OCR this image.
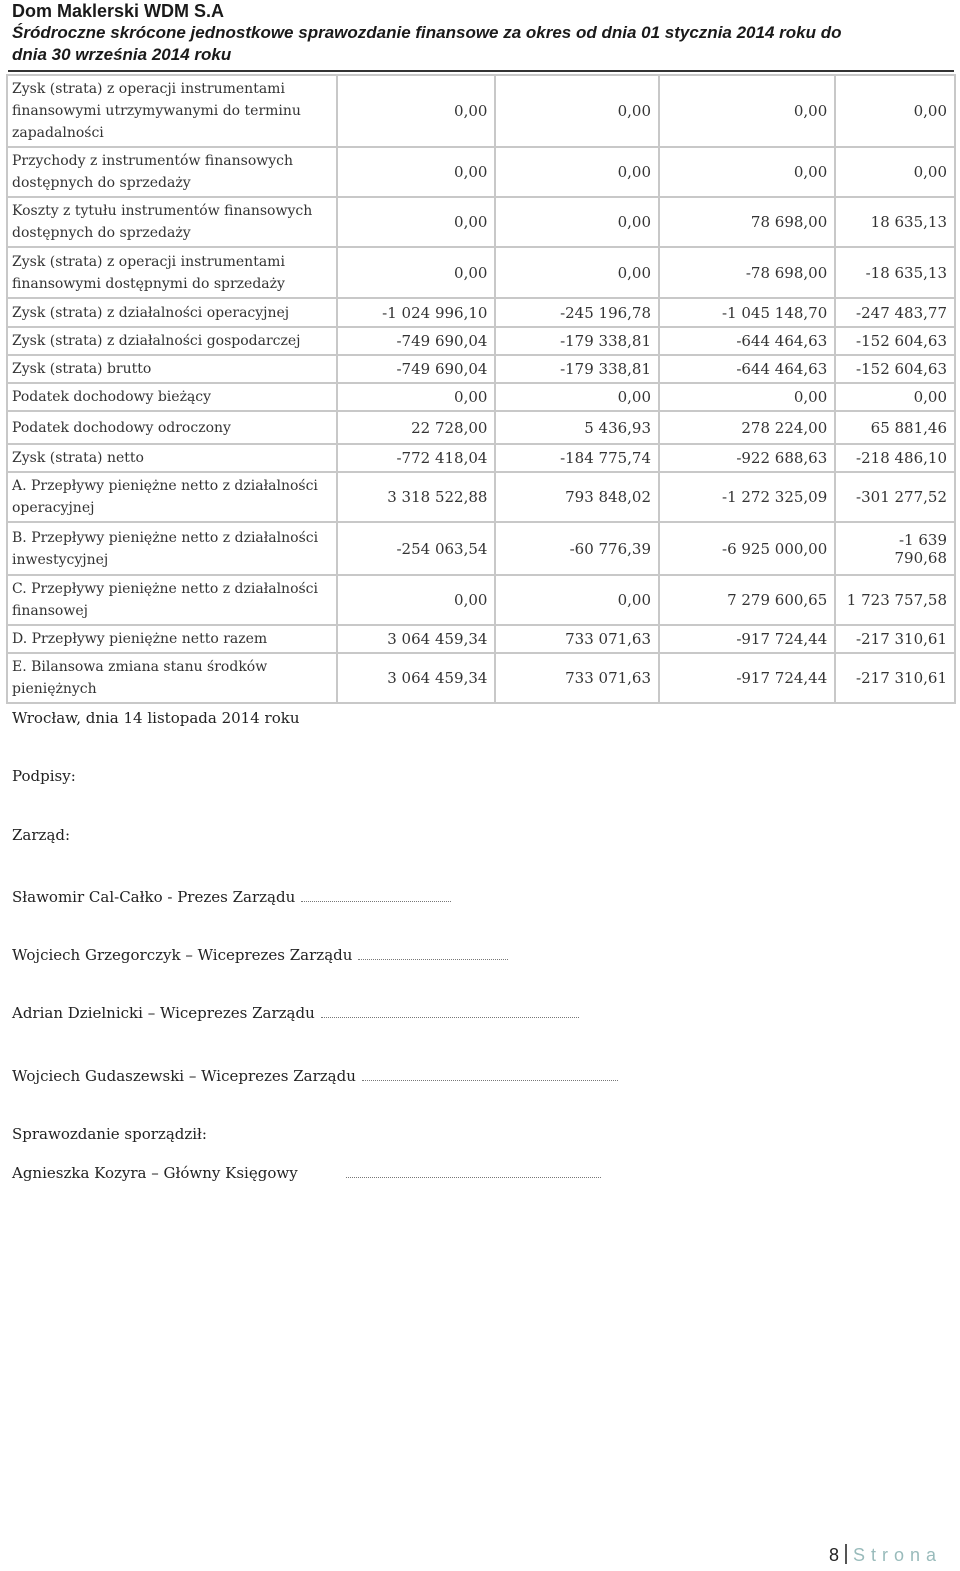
Dom Maklerski WDM S.A
Śródroczne skrócone jednostkowe sprawozdanie finansowe za okres od dnia 01 stycznia 2014 roku do
dnia 30 września 2014 roku
Zysk (strata) z operacji instrumentami finansowymi utrzymywanymi do terminu zapadalności	0,00	0,00	0,00	0,00
Przychody z instrumentów finansowych dostępnych do sprzedaży	0,00	0,00	0,00	0,00
Koszty z tytułu instrumentów finansowych dostępnych do sprzedaży	0,00	0,00	78 698,00	18 635,13
Zysk (strata) z operacji instrumentami finansowymi dostępnymi do sprzedaży	0,00	0,00	-78 698,00	-18 635,13
Zysk (strata) z działalności operacyjnej	-1 024 996,10	-245 196,78	-1 045 148,70	-247 483,77
Zysk (strata) z działalności gospodarczej	-749 690,04	-179 338,81	-644 464,63	-152 604,63
Zysk (strata) brutto	-749 690,04	-179 338,81	-644 464,63	-152 604,63
Podatek dochodowy bieżący	0,00	0,00	0,00	0,00
Podatek dochodowy odroczony	22 728,00	5 436,93	278 224,00	65 881,46
Zysk (strata) netto	-772 418,04	-184 775,74	-922 688,63	-218 486,10
A. Przepływy pieniężne netto z działalności operacyjnej	3 318 522,88	793 848,02	-1 272 325,09	-301 277,52
B. Przepływy pieniężne netto z działalności inwestycyjnej	-254 063,54	-60 776,39	-6 925 000,00	-1 639 790,68
C. Przepływy pieniężne netto z działalności finansowej	0,00	0,00	7 279 600,65	1 723 757,58
D. Przepływy pieniężne netto razem	3 064 459,34	733 071,63	-917 724,44	-217 310,61
E. Bilansowa zmiana stanu środków pieniężnych	3 064 459,34	733 071,63	-917 724,44	-217 310,61
Wrocław, dnia 14 listopada 2014 roku
Podpisy:
Zarząd:
Sławomir Cal-Całko - Prezes Zarządu
Wojciech Grzegorczyk – Wiceprezes Zarządu
Adrian Dzielnicki – Wiceprezes Zarządu
Wojciech Gudaszewski – Wiceprezes Zarządu
Sprawozdanie sporządził:
Agnieszka Kozyra – Główny Księgowy
8 Strona
